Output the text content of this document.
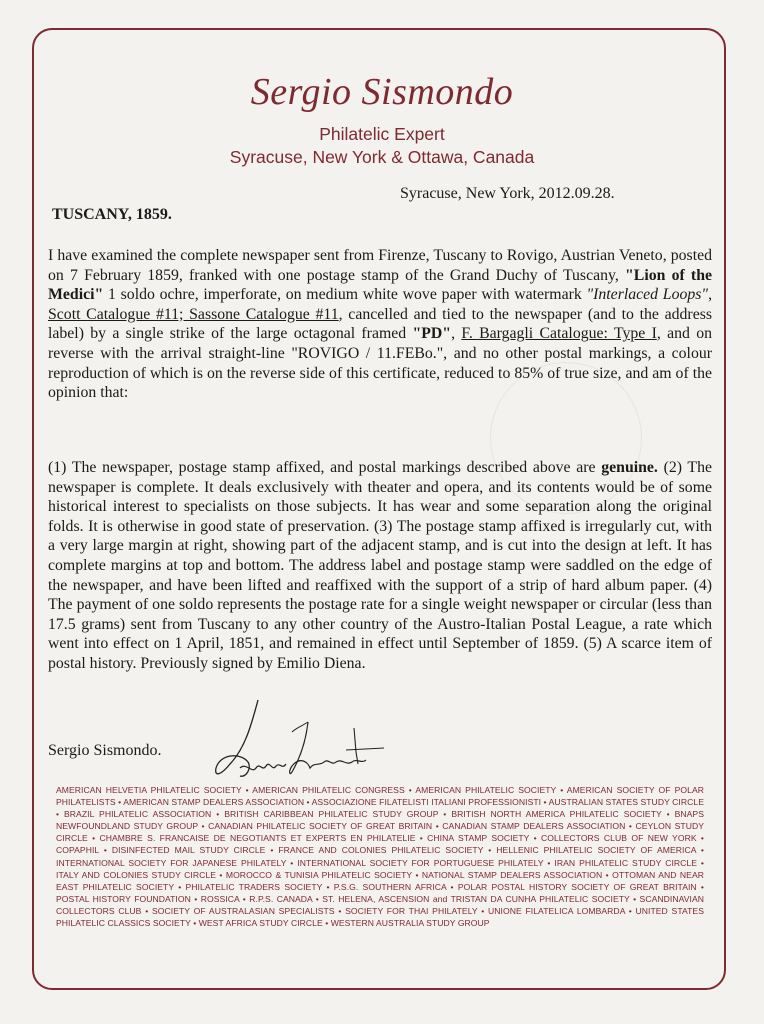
Sergio Sismondo
Philatelic Expert
Syracuse, New York & Ottawa, Canada
Syracuse, New York, 2012.09.28.
TUSCANY, 1859.
I have examined the complete newspaper sent from Firenze, Tuscany to Rovigo, Austrian Veneto, posted on 7 February 1859, franked with one postage stamp of the Grand Duchy of Tuscany, "Lion of the Medici" 1 soldo ochre, imperforate, on medium white wove paper with watermark "Interlaced Loops", Scott Catalogue #11; Sassone Catalogue #11, cancelled and tied to the newspaper (and to the address label) by a single strike of the large octagonal framed "PD", F. Bargagli Catalogue: Type I, and on reverse with the arrival straight-line "ROVIGO / 11.FEBo.", and no other postal markings, a colour reproduction of which is on the reverse side of this certificate, reduced to 85% of true size, and am of the opinion that:
(1) The newspaper, postage stamp affixed, and postal markings described above are genuine. (2) The newspaper is complete. It deals exclusively with theater and opera, and its contents would be of some historical interest to specialists on those subjects. It has wear and some separation along the original folds. It is otherwise in good state of preservation. (3) The postage stamp affixed is irregularly cut, with a very large margin at right, showing part of the adjacent stamp, and is cut into the design at left. It has complete margins at top and bottom. The address label and postage stamp were saddled on the edge of the newspaper, and have been lifted and reaffixed with the support of a strip of hard album paper. (4) The payment of one soldo represents the postage rate for a single weight newspaper or circular (less than 17.5 grams) sent from Tuscany to any other country of the Austro-Italian Postal League, a rate which went into effect on 1 April, 1851, and remained in effect until September of 1859. (5) A scarce item of postal history. Previously signed by Emilio Diena.
Sergio Sismondo.
AMERICAN HELVETIA PHILATELIC SOCIETY • AMERICAN PHILATELIC CONGRESS • AMERICAN PHILATELIC SOCIETY • AMERICAN SOCIETY OF POLAR PHILATELISTS • AMERICAN STAMP DEALERS ASSOCIATION • ASSOCIAZIONE FILATELISTI ITALIANI PROFESSIONISTI • AUSTRALIAN STATES STUDY CIRCLE • BRAZIL PHILATELIC ASSOCIATION • BRITISH CARIBBEAN PHILATELIC STUDY GROUP • BRITISH NORTH AMERICA PHILATELIC SOCIETY • BNAPS NEWFOUNDLAND STUDY GROUP • CANADIAN PHILATELIC SOCIETY OF GREAT BRITAIN • CANADIAN STAMP DEALERS ASSOCIATION • CEYLON STUDY CIRCLE • CHAMBRE S. FRANCAISE DE NEGOTIANTS ET EXPERTS EN PHILATELIE • CHINA STAMP SOCIETY • COLLECTORS CLUB OF NEW YORK • COPAPHIL • DISINFECTED MAIL STUDY CIRCLE • FRANCE AND COLONIES PHILATELIC SOCIETY • HELLENIC PHILATELIC SOCIETY OF AMERICA • INTERNATIONAL SOCIETY FOR JAPANESE PHILATELY • INTERNATIONAL SOCIETY FOR PORTUGUESE PHILATELY • IRAN PHILATELIC STUDY CIRCLE • ITALY AND COLONIES STUDY CIRCLE • MOROCCO & TUNISIA PHILATELIC SOCIETY • NATIONAL STAMP DEALERS ASSOCIATION • OTTOMAN AND NEAR EAST PHILATELIC SOCIETY • PHILATELIC TRADERS SOCIETY • P.S.G. SOUTHERN AFRICA • POLAR POSTAL HISTORY SOCIETY OF GREAT BRITAIN • POSTAL HISTORY FOUNDATION • ROSSICA • R.P.S. CANADA • ST. HELENA, ASCENSION and TRISTAN DA CUNHA PHILATELIC SOCIETY • SCANDINAVIAN COLLECTORS CLUB • SOCIETY OF AUSTRALASIAN SPECIALISTS • SOCIETY FOR THAI PHILATELY • UNIONE FILATELICA LOMBARDA • UNITED STATES PHILATELIC CLASSICS SOCIETY • WEST AFRICA STUDY CIRCLE • WESTERN AUSTRALIA STUDY GROUP
